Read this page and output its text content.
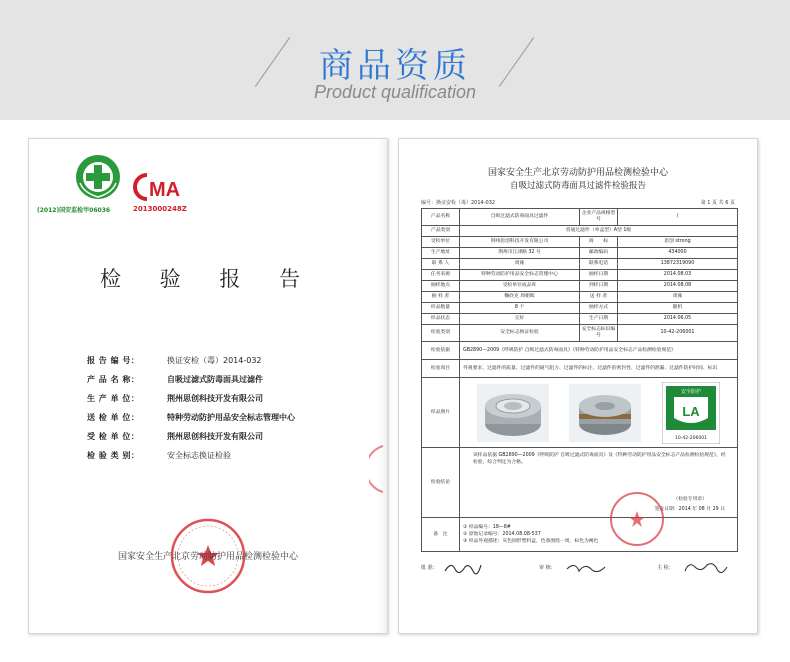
商品资质
Product qualification
(2012)国安监检甲06036
MA
2013000248Z
检 验 报 告
报 告 编 号：	换证安检（毒）2014-032
产 品 名 称：	自吸过滤式防毒面具过滤件
生 产 单 位：	荆州思创科技开发有限公司
送 检 单 位：	特种劳动防护用品安全标志管理中心
受 检 单 位：	荆州思创科技开发有限公司
检 验 类 别：	安全标志换证检验
国家安全生产北京劳动防护用品检测检验中心
国家安全生产北京劳动防护用品检测检验中心
自吸过滤式防毒面具过滤件检验报告
编号：换证安检（毒）2014-032	第 1 页 共 6 页
产品名称	自吸过滤式防毒面具过滤件	企业产品规格型号	/
产品类别	普通过滤件（单盒型）A型 1级		
受检单位	荆州思创科技开发有限公司	商　　标	思创 strong
生产地址	荆州市江津路 32 号	邮政编码	434000
联 系 人	周雍	联系电话	13872319090
任务来源	特种劳动防护用品安全标志管理中心	抽样日期	2014.08.03
抽样地点	受检单位成品库	到样日期	2014.08.08
抽 样 者	鞠欣克 周朝晖	送 样 者	周雍
样品数量	8 个	抽样方式	随机
样品状态	完好	生产日期	2014.06.05
检验类别	安全标志换证检验	安全标志标识编号	10-42-206001
检验依据	GB2890—2009《呼吸防护 自吸过滤式防毒面具》《特种劳动防护用品安全标志产品检测检验规范》		
检验项目	外观要求、过滤件的质量、过滤件的通气阻力、过滤件的标注、过滤件的密封性、过滤件的泄漏、过滤件防护时间、标识		
样品照片	安全防护
LA
10-42-206001		

检验结论	该样品依据 GB2890—2009《呼吸防护 自吸过滤式防毒面具》及《特种劳动防护用品安全标志产品检测检验规范》，经检验，综合判定为合格。
（检验专用章）
签发日期：2014 年 08 月 29 日		

备　注	① 样品编号：18—8#
② 原始记录编号：2014.08.08-537
③ 样品外观描述：灰色圆形塑料盒，色条围绕一周，标色为褐色		
批 准：	审 核：	主 检：
